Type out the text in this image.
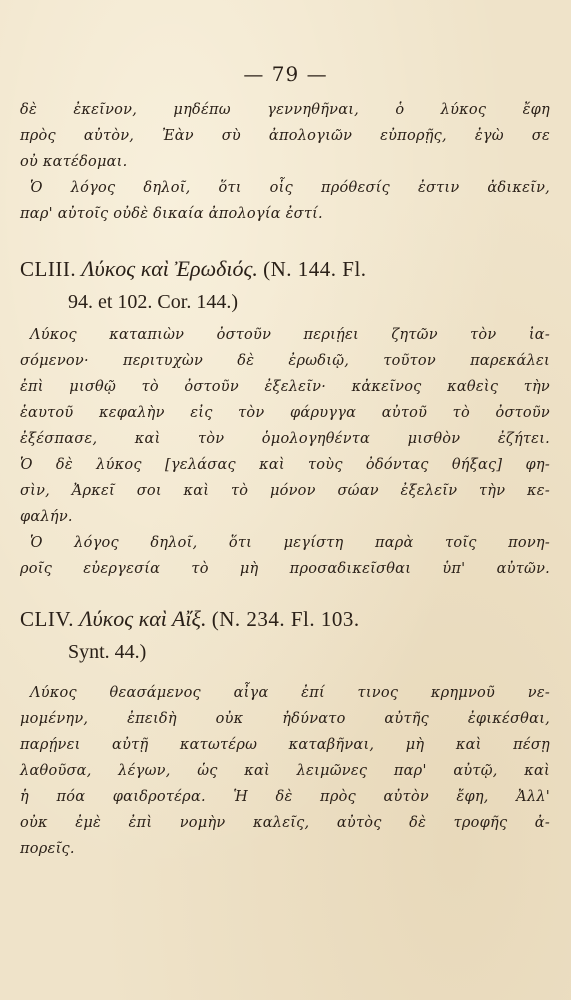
— 79 —
δὲ ἐκεῖνον, μηδέπω γεννηθῆναι, ὁ λύκος ἔφη
πρὸς αὐτὸν, Ἐὰν σὺ ἀπολογιῶν εὐπορῇς, ἐγὼ σε
οὐ κατέδομαι.
Ὁ λόγος δηλοῖ, ὅτι οἷς πρόθεσίς ἐστιν ἀδικεῖν,
παρ' αὐτοῖς οὐδὲ δικαία ἀπολογία ἐστί.
CLIII. Λύκος καὶ Ἐρωδιός. (N. 144. Fl.
94. et 102. Cor. 144.)
Λύκος καταπιὼν ὀστοῦν περιῄει ζητῶν τὸν ἰα-
σόμενον· περιτυχὼν δὲ ἐρωδιῷ, τοῦτον παρεκάλει
ἐπὶ μισθῷ τὸ ὀστοῦν ἐξελεῖν· κἀκεῖνος καθεὶς τὴν
ἑαυτοῦ κεφαλὴν εἰς τὸν φάρυγγα αὐτοῦ τὸ ὀστοῦν
ἐξέσπασε, καὶ τὸν ὁμολογηθέντα μισθὸν ἐζήτει.
Ὁ δὲ λύκος [γελάσας καὶ τοὺς ὀδόντας θήξας] φη-
σὶν, Ἀρκεῖ σοι καὶ τὸ μόνον σώαν ἐξελεῖν τὴν κε-
φαλήν.
Ὁ λόγος δηλοῖ, ὅτι μεγίστη παρὰ τοῖς πονη-
ροῖς εὐεργεσία τὸ μὴ προσαδικεῖσθαι ὑπ' αὐτῶν.
CLIV. Λύκος καὶ Αἴξ. (N. 234. Fl. 103.
Synt. 44.)
Λύκος θεασάμενος αἶγα ἐπί τινος κρημνοῦ νε-
μομένην, ἐπειδὴ οὐκ ἠδύνατο αὐτῆς ἐφικέσθαι,
παρῄνει αὐτῇ κατωτέρω καταβῆναι, μὴ καὶ πέσῃ
λαθοῦσα, λέγων, ὡς καὶ λειμῶνες παρ' αὐτῷ, καὶ
ἡ πόα φαιδροτέρα. Ἡ δὲ πρὸς αὐτὸν ἔφη, Ἀλλ'
οὐκ ἐμὲ ἐπὶ νομὴν καλεῖς, αὐτὸς δὲ τροφῆς ἀ-
πορεῖς.
